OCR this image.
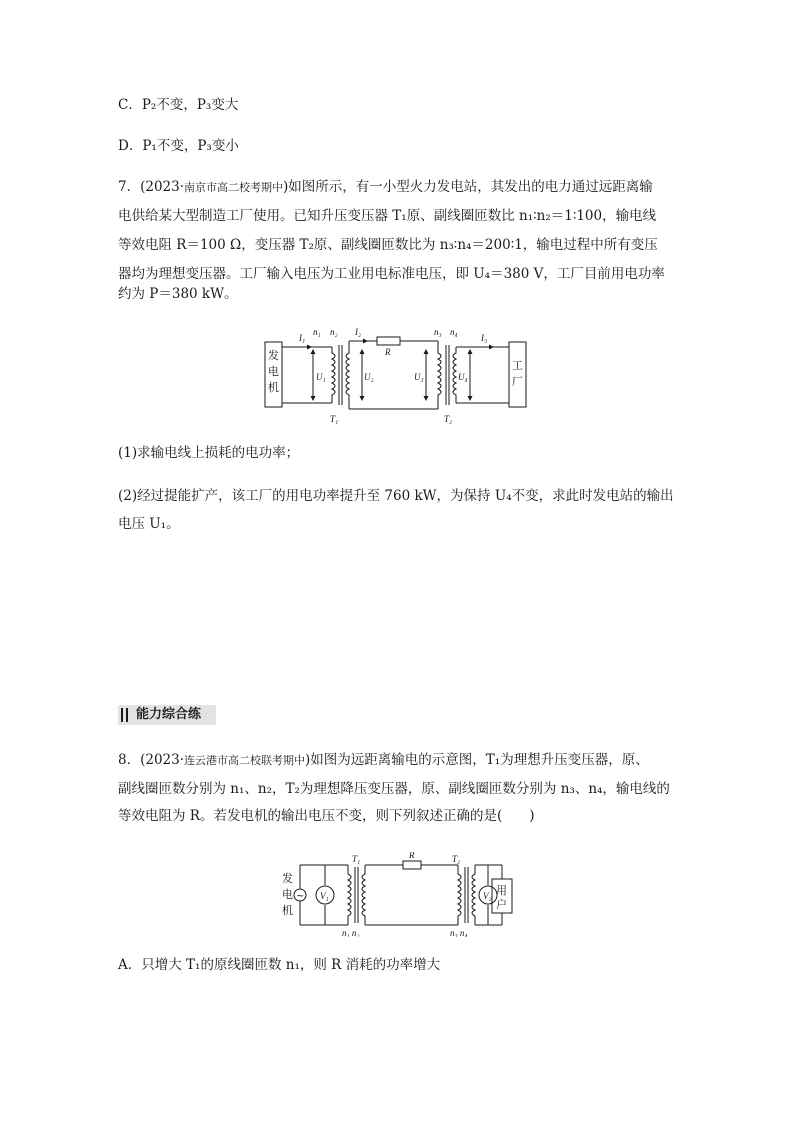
C．P₂不变，P₃变大
D．P₁不变，P₃变小
7．(2023·南京市高二校考期中)如图所示，有一小型火力发电站，其发出的电力通过远距离输
电供给某大型制造工厂使用。已知升压变压器 T₁原、副线圈匝数比 n₁∶n₂＝1∶100，输电线
等效电阻 R＝100 Ω，变压器 T₂原、副线圈匝数比为 n₃∶n₄＝200∶1，输电过程中所有变压
器均为理想变压器。工厂输入电压为工业用电标准电压，即 U₄＝380 V，工厂目前用电功率
约为 P＝380 kW。
发
电
机
工
厂
I₁
n₁ n₂ I₂
R
n₃ n₄
I₃
U₁	U₂	U₃	U₄
T₁	T₂
(1)求输电线上损耗的电功率；
(2)经过提能扩产，该工厂的用电功率提升至 760 kW，为保持 U₄不变，求此时发电站的输出
电压 U₁。
能力综合练
8．(2023·连云港市高二校联考期中)如图为远距离输电的示意图，T₁为理想升压变压器，原、
副线圈匝数分别为 n₁、n₂，T₂为理想降压变压器，原、副线圈匝数分别为 n₃、n₄，输电线的
等效电阻为 R。若发电机的输出电压不变，则下列叙述正确的是(　　)
发
电
机
~ V₁	V₂
T₁	R	T₂
n₁ n₂	n₃ n₄
用
户
A．只增大 T₁的原线圈匝数 n₁，则 R 消耗的功率增大
